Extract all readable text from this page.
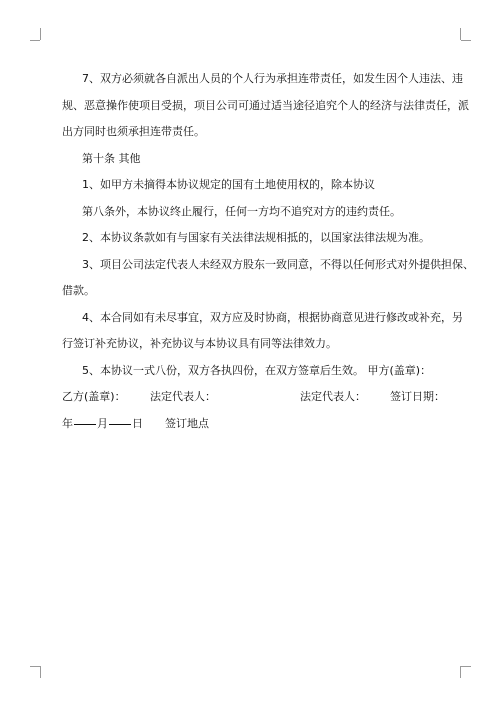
7、双方必须就各自派出人员的个人行为承担连带责任，如发生因个人违法、违

规、恶意操作使项目受损，项目公司可通过适当途径追究个人的经济与法律责任，派

出方同时也须承担连带责任。

第十条 其他

1、如甲方未摘得本协议规定的国有土地使用权的，除本协议

第八条外，本协议终止履行，任何一方均不追究对方的违约责任。

2、本协议条款如有与国家有关法律法规相抵的，以国家法律法规为准。

3、项目公司法定代表人未经双方股东一致同意，不得以任何形式对外提供担保、

借款。

4、本合同如有未尽事宜，双方应及时协商，根据协商意见进行修改或补充，另

行签订补充协议，补充协议与本协议具有同等法律效力。

5、本协议一式八份，双方各执四份，在双方签章后生效。 甲方(盖章)：

乙方(盖章)：	法定代表人：	法定代表人：	签订日期：
年 月 日 签订地点
